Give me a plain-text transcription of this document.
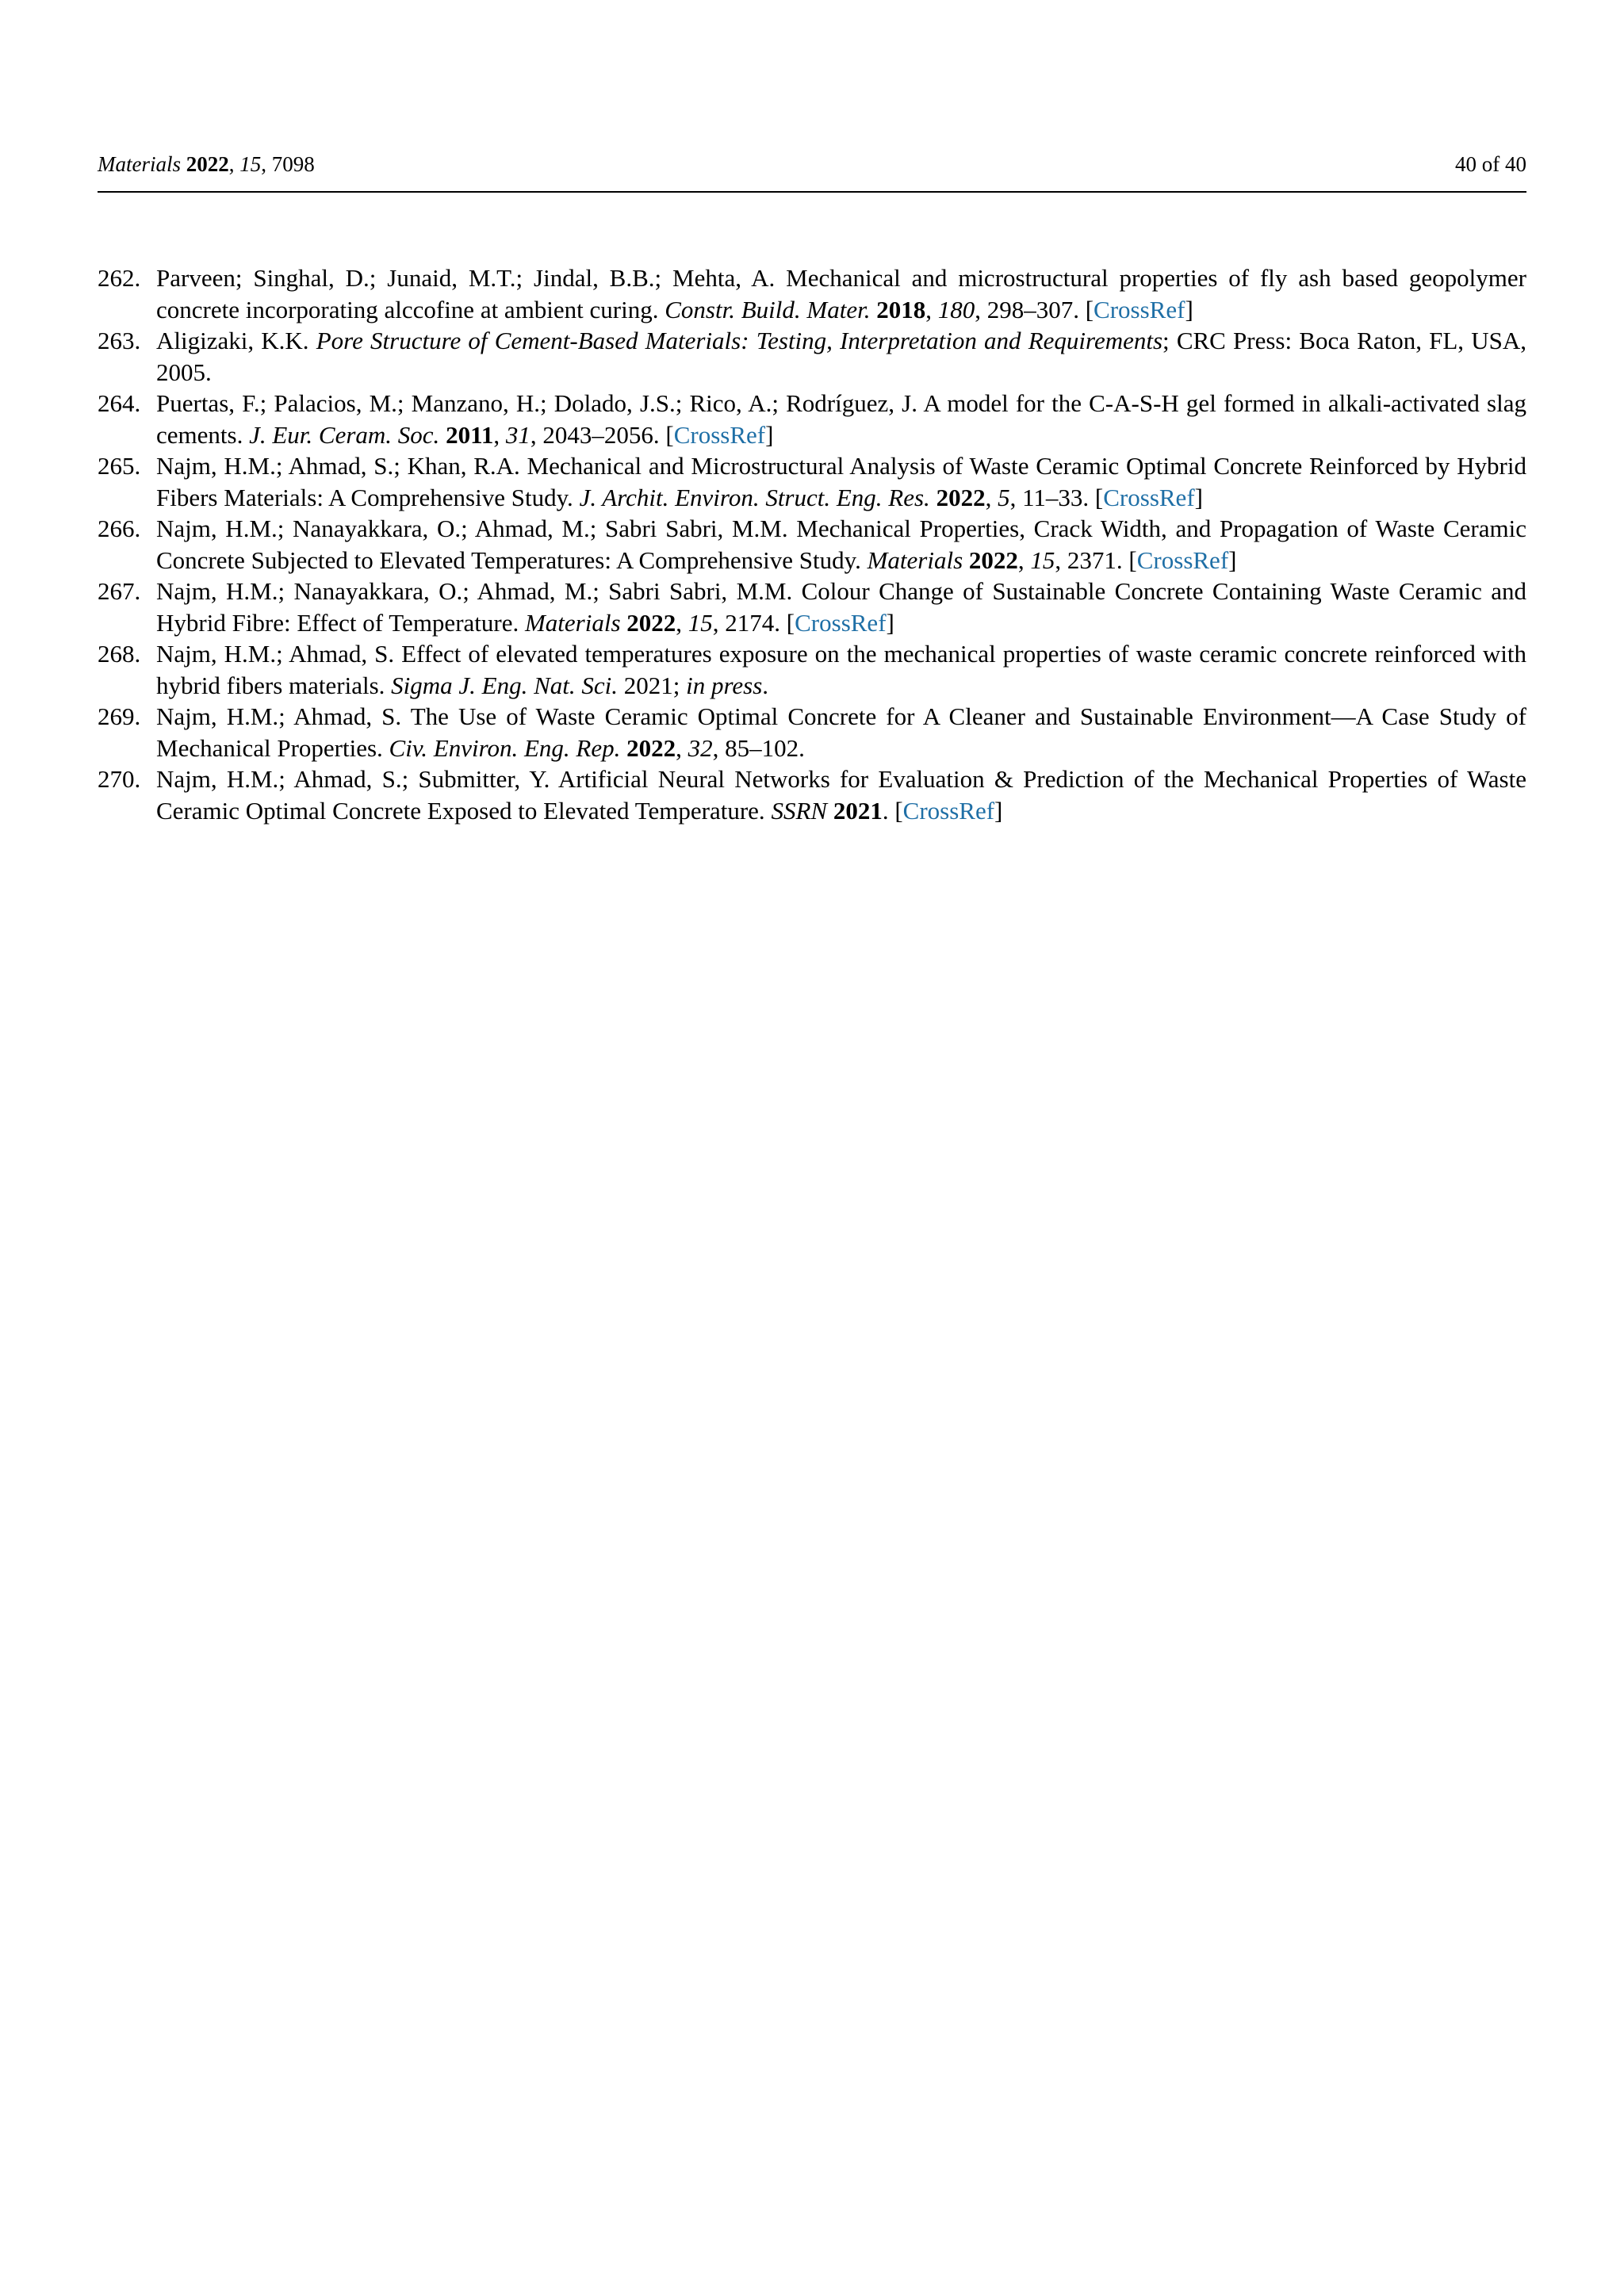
Materials 2022, 15, 7098	40 of 40
262. Parveen; Singhal, D.; Junaid, M.T.; Jindal, B.B.; Mehta, A. Mechanical and microstructural properties of fly ash based geopolymer concrete incorporating alccofine at ambient curing. Constr. Build. Mater. 2018, 180, 298–307. [CrossRef]
263. Aligizaki, K.K. Pore Structure of Cement-Based Materials: Testing, Interpretation and Requirements; CRC Press: Boca Raton, FL, USA, 2005.
264. Puertas, F.; Palacios, M.; Manzano, H.; Dolado, J.S.; Rico, A.; Rodríguez, J. A model for the C-A-S-H gel formed in alkali-activated slag cements. J. Eur. Ceram. Soc. 2011, 31, 2043–2056. [CrossRef]
265. Najm, H.M.; Ahmad, S.; Khan, R.A. Mechanical and Microstructural Analysis of Waste Ceramic Optimal Concrete Reinforced by Hybrid Fibers Materials: A Comprehensive Study. J. Archit. Environ. Struct. Eng. Res. 2022, 5, 11–33. [CrossRef]
266. Najm, H.M.; Nanayakkara, O.; Ahmad, M.; Sabri Sabri, M.M. Mechanical Properties, Crack Width, and Propagation of Waste Ceramic Concrete Subjected to Elevated Temperatures: A Comprehensive Study. Materials 2022, 15, 2371. [CrossRef]
267. Najm, H.M.; Nanayakkara, O.; Ahmad, M.; Sabri Sabri, M.M. Colour Change of Sustainable Concrete Containing Waste Ceramic and Hybrid Fibre: Effect of Temperature. Materials 2022, 15, 2174. [CrossRef]
268. Najm, H.M.; Ahmad, S. Effect of elevated temperatures exposure on the mechanical properties of waste ceramic concrete reinforced with hybrid fibers materials. Sigma J. Eng. Nat. Sci. 2021; in press.
269. Najm, H.M.; Ahmad, S. The Use of Waste Ceramic Optimal Concrete for A Cleaner and Sustainable Environment—A Case Study of Mechanical Properties. Civ. Environ. Eng. Rep. 2022, 32, 85–102.
270. Najm, H.M.; Ahmad, S.; Submitter, Y. Artificial Neural Networks for Evaluation & Prediction of the Mechanical Properties of Waste Ceramic Optimal Concrete Exposed to Elevated Temperature. SSRN 2021. [CrossRef]
